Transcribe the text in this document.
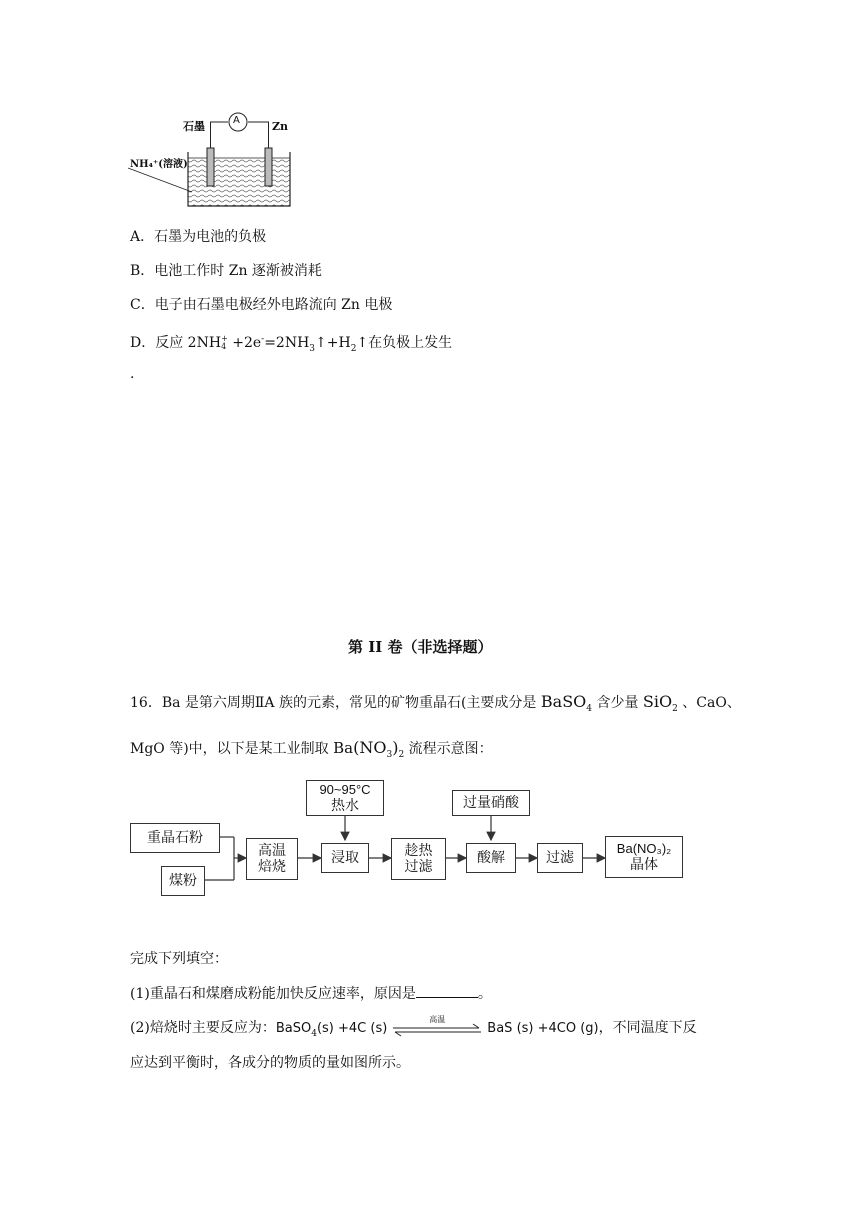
A
石墨	Zn
NH₄⁺(溶液)
A．石墨为电池的负极
B．电池工作时 Zn 逐渐被消耗
C．电子由石墨电极经外电路流向 Zn 电极
D．反应 2NH +
$4 +2e^-=2NH_3↑+H_2↑$在负极上发生
.
第 II 卷（非选择题）
16．Ba 是第六周期ⅡA 族的元素，常见的矿物重晶石(主要成分是 BaSO$_4$ 含少量 SiO$_2$ 、CaO、
MgO 等)中，以下是某工业制取 $Ba(NO_3)_2$ 流程示意图：
重晶石粉
煤粉
高温
焙烧
90~95°C
热水
浸取	趁热
过滤
过量硝酸
酸解	过滤
Ba(NO₃)₂
晶体
完成下列填空：
(1)重晶石和煤磨成粉能加快反应速率，原因是	。
(2)焙烧时主要反应为：BaSO$_4$(s) +4C (s)
高温
BaS (s) +4CO (g)，不同温度下反
应达到平衡时，各成分的物质的量如图所示。
